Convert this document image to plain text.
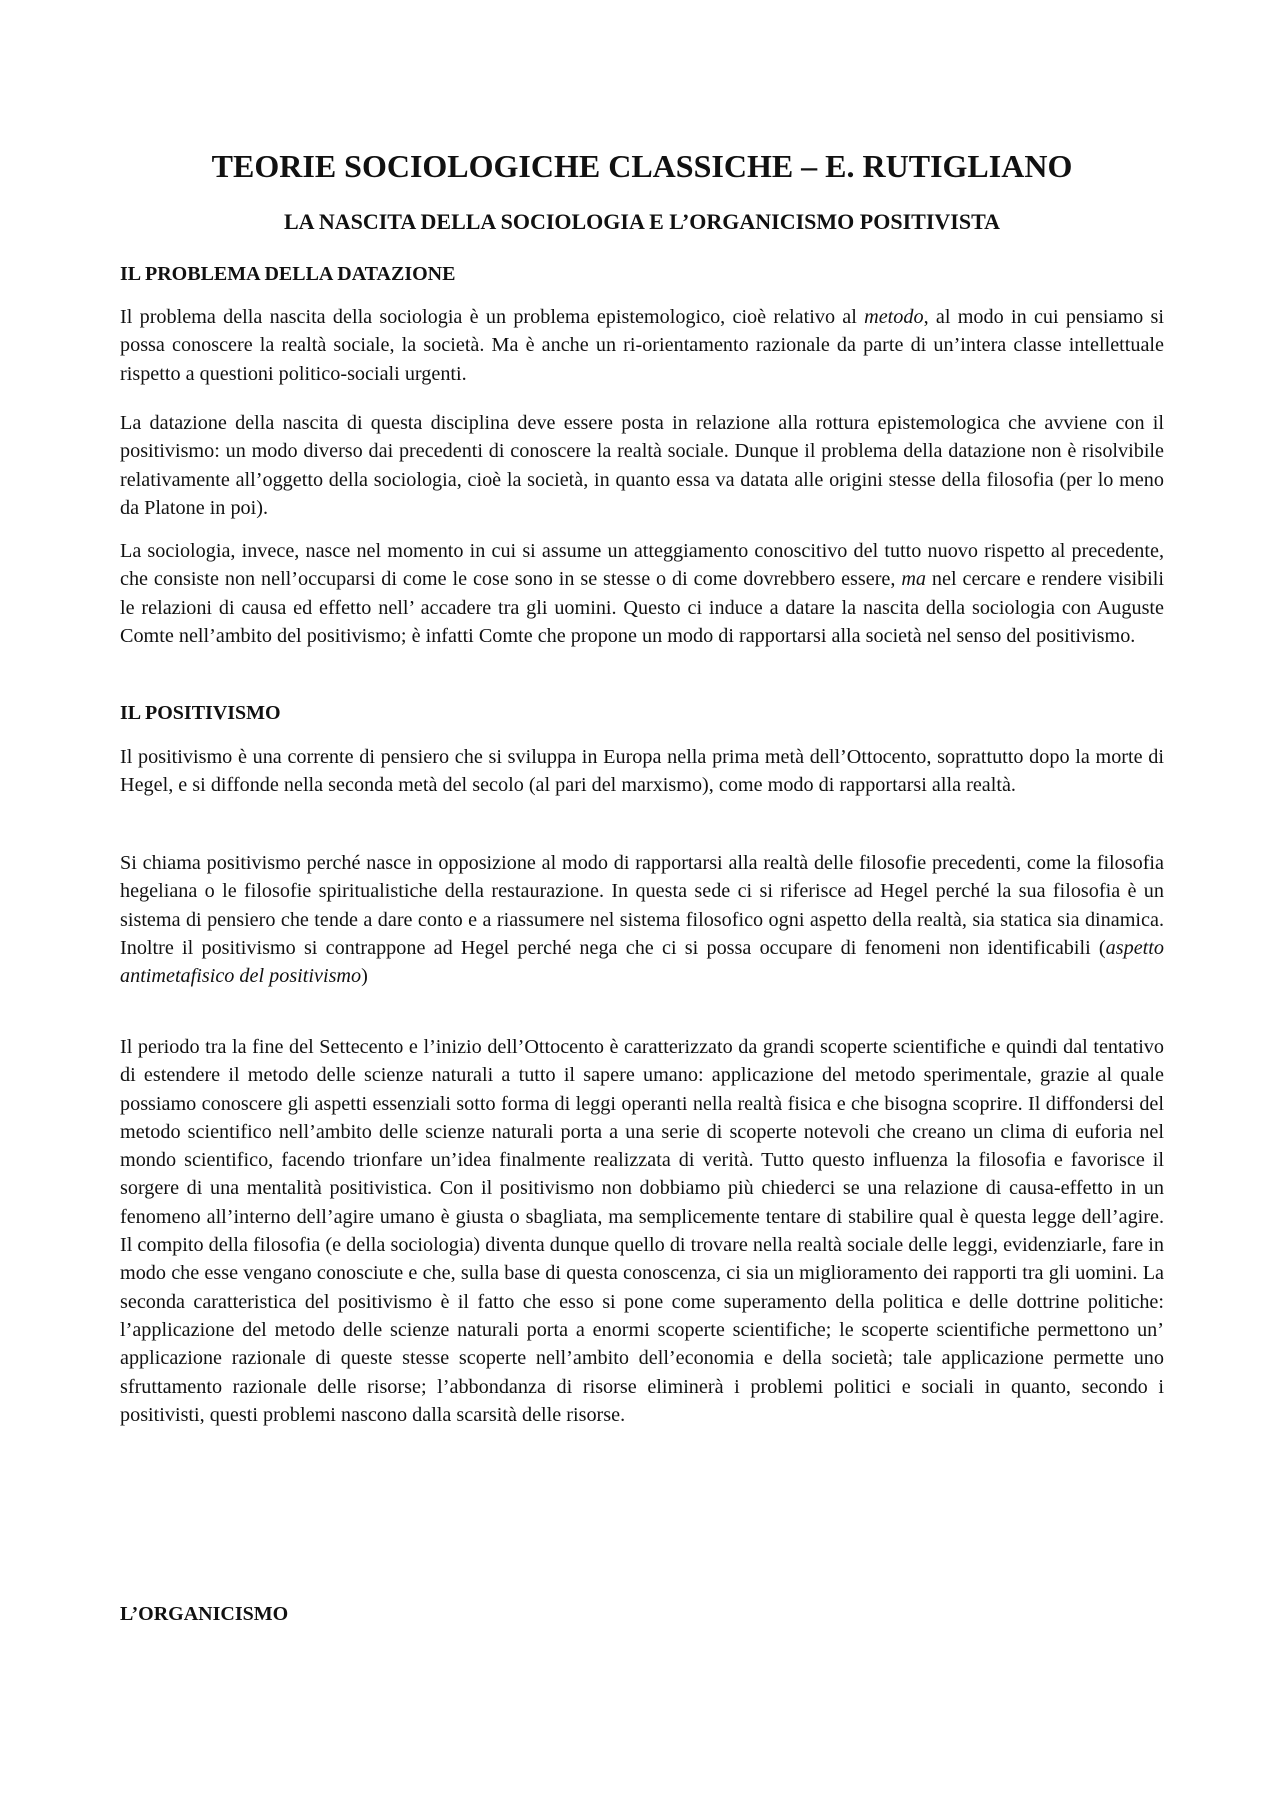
TEORIE SOCIOLOGICHE CLASSICHE – E. RUTIGLIANO
LA NASCITA DELLA SOCIOLOGIA E L’ORGANICISMO POSITIVISTA
IL PROBLEMA DELLA DATAZIONE

Il problema della nascita della sociologia è un problema epistemologico, cioè relativo al metodo, al modo in cui pensiamo si possa conoscere la realtà sociale, la società. Ma è anche un ri-orientamento razionale da parte di un’intera classe intellettuale rispetto a questioni politico-sociali urgenti.

La datazione della nascita di questa disciplina deve essere posta in relazione alla rottura epistemologica che avviene con il positivismo: un modo diverso dai precedenti di conoscere la realtà sociale. Dunque il problema della datazione non è risolvibile relativamente all’oggetto della sociologia, cioè la società, in quanto essa va datata alle origini stesse della filosofia (per lo meno da Platone in poi).

La sociologia, invece, nasce nel momento in cui si assume un atteggiamento conoscitivo del tutto nuovo rispetto al precedente, che consiste non nell’occuparsi di come le cose sono in se stesse o di come dovrebbero essere, ma nel cercare e rendere visibili le relazioni di causa ed effetto nell’ accadere tra gli uomini. Questo ci induce a datare la nascita della sociologia con Auguste Comte nell’ambito del positivismo; è infatti Comte che propone un modo di rapportarsi alla società nel senso del positivismo.

IL POSITIVISMO

Il positivismo è una corrente di pensiero che si sviluppa in Europa nella prima metà dell’Ottocento, soprattutto dopo la morte di Hegel, e si diffonde nella seconda metà del secolo (al pari del marxismo), come modo di rapportarsi alla realtà.

Si chiama positivismo perché nasce in opposizione al modo di rapportarsi alla realtà delle filosofie precedenti, come la filosofia hegeliana o le filosofie spiritualistiche della restaurazione. In questa sede ci si riferisce ad Hegel perché la sua filosofia è un sistema di pensiero che tende a dare conto e a riassumere nel sistema filosofico ogni aspetto della realtà, sia statica sia dinamica. Inoltre il positivismo si contrappone ad Hegel perché nega che ci si possa occupare di fenomeni non identificabili (aspetto antimetafisico del positivismo)

Il periodo tra la fine del Settecento e l’inizio dell’Ottocento è caratterizzato da grandi scoperte scientifiche e quindi dal tentativo di estendere il metodo delle scienze naturali a tutto il sapere umano: applicazione del metodo sperimentale, grazie al quale possiamo conoscere gli aspetti essenziali sotto forma di leggi operanti nella realtà fisica e che bisogna scoprire. Il diffondersi del metodo scientifico nell’ambito delle scienze naturali porta a una serie di scoperte notevoli che creano un clima di euforia nel mondo scientifico, facendo trionfare un’idea finalmente realizzata di verità. Tutto questo influenza la filosofia e favorisce il sorgere di una mentalità positivistica. Con il positivismo non dobbiamo più chiederci se una relazione di causa-effetto in un fenomeno all’interno dell’agire umano è giusta o sbagliata, ma semplicemente tentare di stabilire qual è questa legge dell’agire. Il compito della filosofia (e della sociologia) diventa dunque quello di trovare nella realtà sociale delle leggi, evidenziarle, fare in modo che esse vengano conosciute e che, sulla base di questa conoscenza, ci sia un miglioramento dei rapporti tra gli uomini. La seconda caratteristica del positivismo è il fatto che esso si pone come superamento della politica e delle dottrine politiche: l’applicazione del metodo delle scienze naturali porta a enormi scoperte scientifiche; le scoperte scientifiche permettono un’ applicazione razionale di queste stesse scoperte nell’ambito dell’economia e della società; tale applicazione permette uno sfruttamento razionale delle risorse; l’abbondanza di risorse eliminerà i problemi politici e sociali in quanto, secondo i positivisti, questi problemi nascono dalla scarsità delle risorse.

L’ORGANICISMO
